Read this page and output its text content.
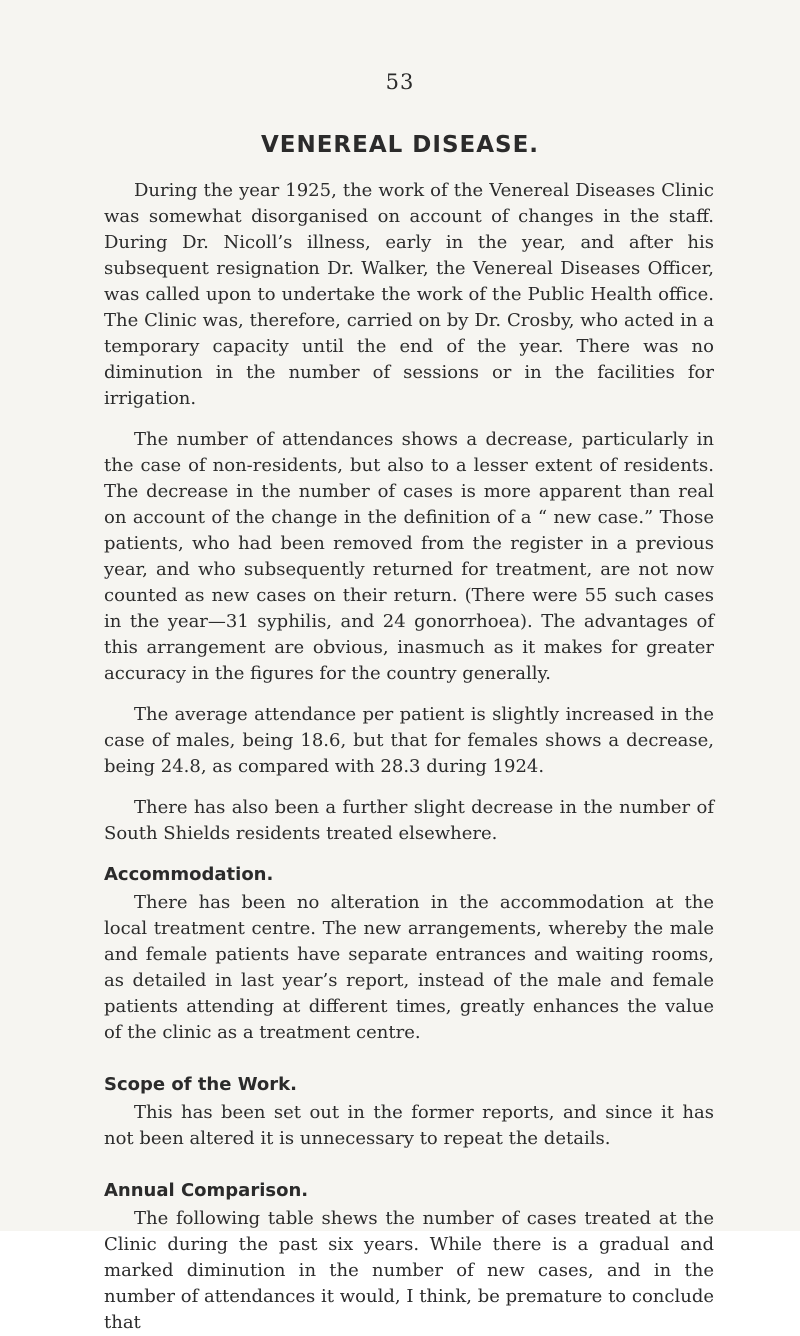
53
VENEREAL DISEASE.

During the year 1925, the work of the Venereal Diseases Clinic was somewhat disorganised on account of changes in the staff. During Dr. Nicoll’s illness, early in the year, and after his subsequent resignation Dr. Walker, the Venereal Diseases Officer, was called upon to undertake the work of the Public Health office. The Clinic was, therefore, carried on by Dr. Crosby, who acted in a temporary capacity until the end of the year. There was no diminution in the number of sessions or in the facilities for irrigation.

The number of attendances shows a decrease, particularly in the case of non-residents, but also to a lesser extent of residents. The decrease in the number of cases is more apparent than real on account of the change in the definition of a “ new case.” Those patients, who had been removed from the register in a previous year, and who subsequently returned for treatment, are not now counted as new cases on their return. (There were 55 such cases in the year—31 syphilis, and 24 gonorrhoea). The advantages of this arrangement are obvious, inasmuch as it makes for greater accuracy in the figures for the country generally.

The average attendance per patient is slightly increased in the case of males, being 18.6, but that for females shows a decrease, being 24.8, as compared with 28.3 during 1924.

There has also been a further slight decrease in the number of South Shields residents treated elsewhere.

Accommodation.

There has been no alteration in the accommodation at the local treatment centre. The new arrangements, whereby the male and female patients have separate entrances and waiting rooms, as detailed in last year’s report, instead of the male and female patients attending at different times, greatly enhances the value of the clinic as a treatment centre.

Scope of the Work.

This has been set out in the former reports, and since it has not been altered it is unnecessary to repeat the details.

Annual Comparison.

The following table shews the number of cases treated at the Clinic during the past six years. While there is a gradual and marked diminution in the number of new cases, and in the number of attendances it would, I think, be premature to conclude that
